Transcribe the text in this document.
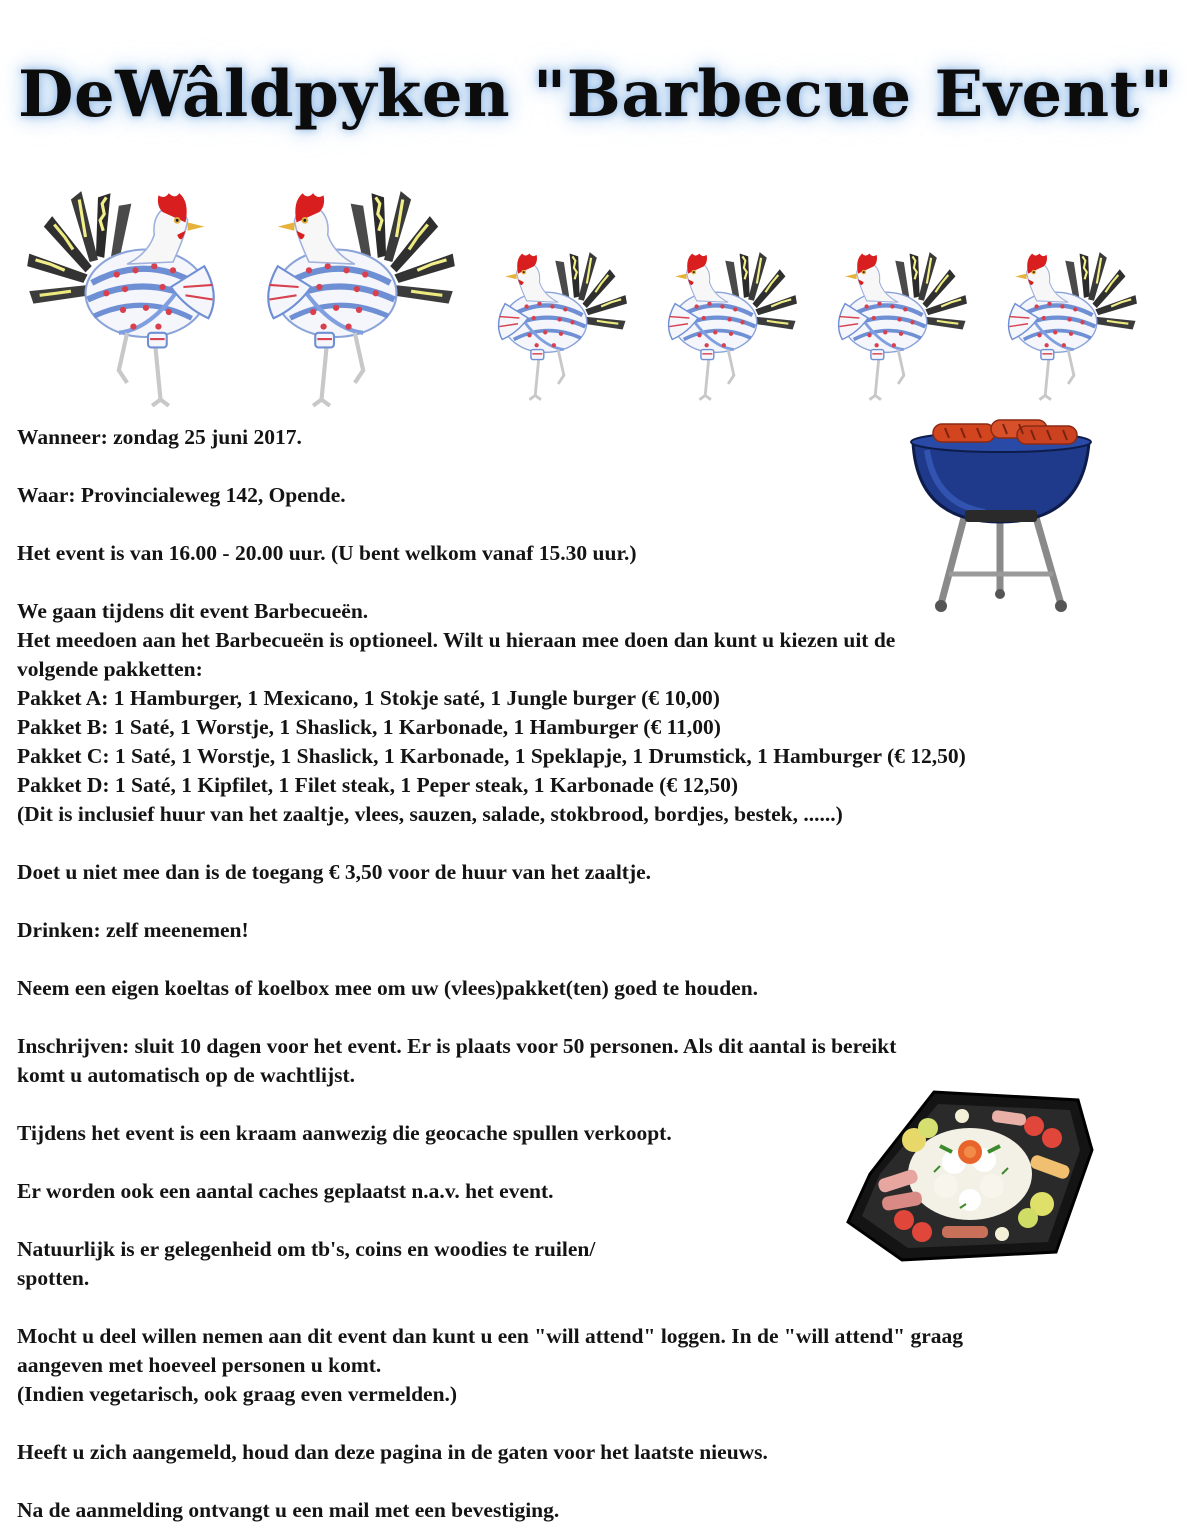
DeWâldpyken "Barbecue Event"
Wanneer: zondag 25 juni 2017.
Waar: Provincialeweg 142, Opende.
Het event is van 16.00 - 20.00 uur. (U bent welkom vanaf 15.30 uur.)
We gaan tijdens dit event Barbecueën.
Het meedoen aan het Barbecueën is optioneel. Wilt u hieraan mee doen dan kunt u kiezen uit de
volgende pakketten:
Pakket A: 1 Hamburger, 1 Mexicano, 1 Stokje saté, 1 Jungle burger (€ 10,00)
Pakket B: 1 Saté, 1 Worstje, 1 Shaslick, 1 Karbonade, 1 Hamburger (€ 11,00)
Pakket C: 1 Saté, 1 Worstje, 1 Shaslick, 1 Karbonade, 1 Speklapje, 1 Drumstick, 1 Hamburger (€ 12,50)
Pakket D: 1 Saté, 1 Kipfilet, 1 Filet steak, 1 Peper steak, 1 Karbonade (€ 12,50)
(Dit is inclusief huur van het zaaltje, vlees, sauzen, salade, stokbrood, bordjes, bestek, ......)
Doet u niet mee dan is de toegang € 3,50 voor de huur van het zaaltje.
Drinken: zelf meenemen!
Neem een eigen koeltas of koelbox mee om uw (vlees)pakket(ten) goed te houden.
Inschrijven: sluit 10 dagen voor het event. Er is plaats voor 50 personen. Als dit aantal is bereikt
komt u automatisch op de wachtlijst.
Tijdens het event is een kraam aanwezig die geocache spullen verkoopt.
Er worden ook een aantal caches geplaatst n.a.v. het event.
Natuurlijk is er gelegenheid om tb's, coins en woodies te ruilen/
spotten.
Mocht u deel willen nemen aan dit event dan kunt u een "will attend" loggen. In de "will attend" graag
aangeven met hoeveel personen u komt.
(Indien vegetarisch, ook graag even vermelden.)
Heeft u zich aangemeld, houd dan deze pagina in de gaten voor het laatste nieuws.
Na de aanmelding ontvangt u een mail met een bevestiging.
